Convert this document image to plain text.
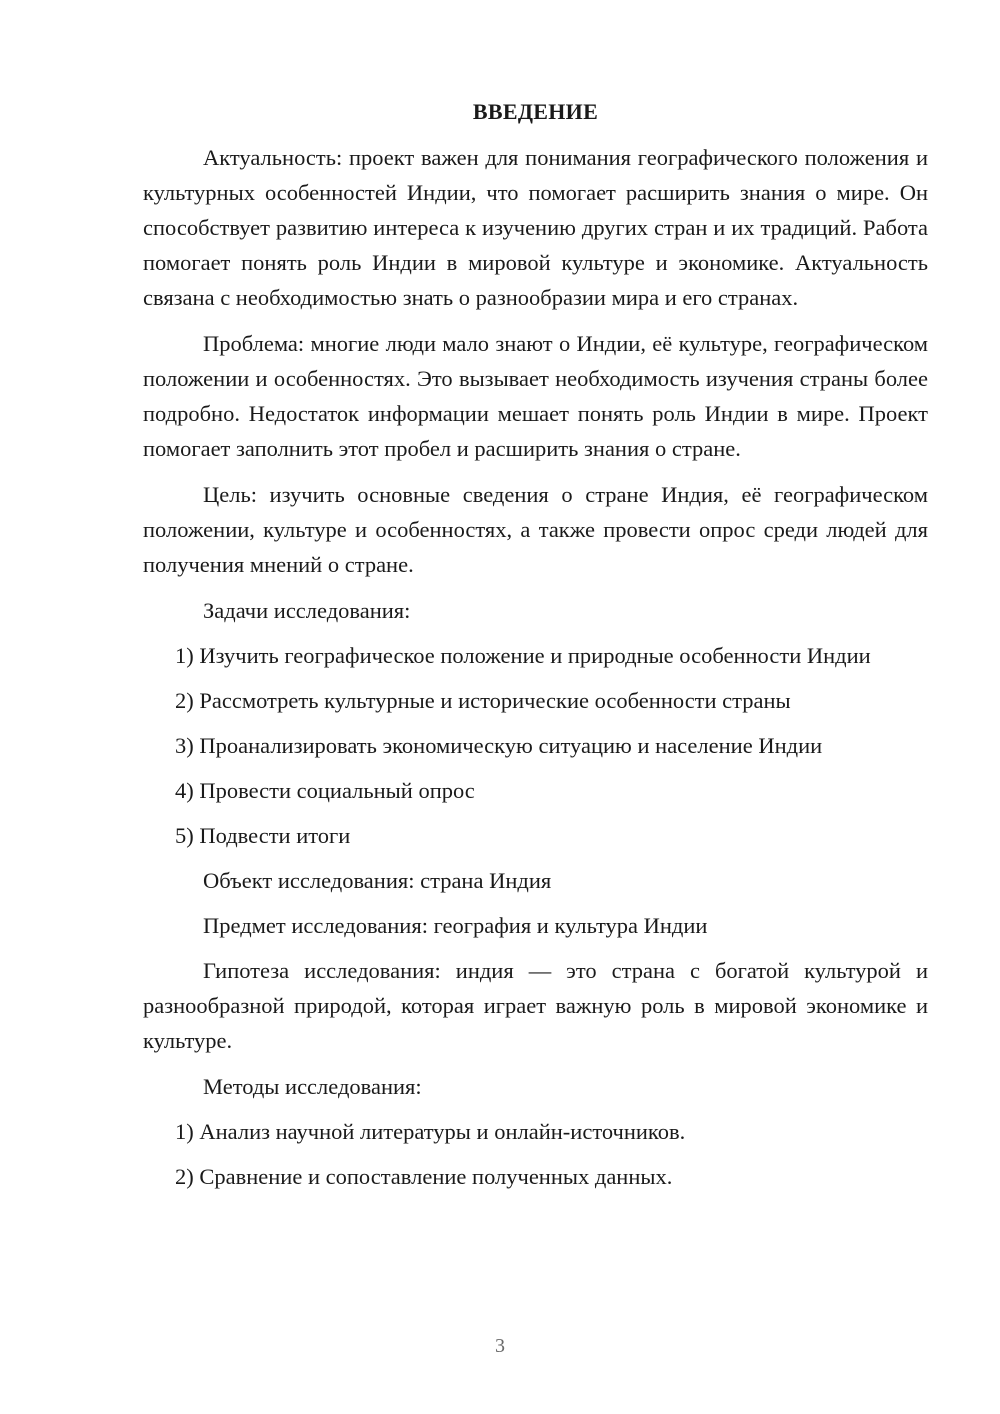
ВВЕДЕНИЕ

Актуальность: проект важен для понимания географического положения и культурных особенностей Индии, что помогает расширить знания о мире. Он способствует развитию интереса к изучению других стран и их традиций. Работа помогает понять роль Индии в мировой культуре и экономике. Актуальность связана с необходимостью знать о разнообразии мира и его странах.

Проблема: многие люди мало знают о Индии, её культуре, географическом положении и особенностях. Это вызывает необходимость изучения страны более подробно. Недостаток информации мешает понять роль Индии в мире. Проект помогает заполнить этот пробел и расширить знания о стране.

Цель: изучить основные сведения о стране Индия, её географическом положении, культуре и особенностях, а также провести опрос среди людей для получения мнений о стране.

Задачи исследования:

1) Изучить географическое положение и природные особенности Индии

2) Рассмотреть культурные и исторические особенности страны

3) Проанализировать экономическую ситуацию и население Индии

4) Провести социальный опрос

5) Подвести итоги

Объект исследования: страна Индия

Предмет исследования: география и культура Индии

Гипотеза исследования: индия — это страна с богатой культурой и разнообразной природой, которая играет важную роль в мировой экономике и культуре.

Методы исследования:

1) Анализ научной литературы и онлайн-источников.

2) Сравнение и сопоставление полученных данных.

3
